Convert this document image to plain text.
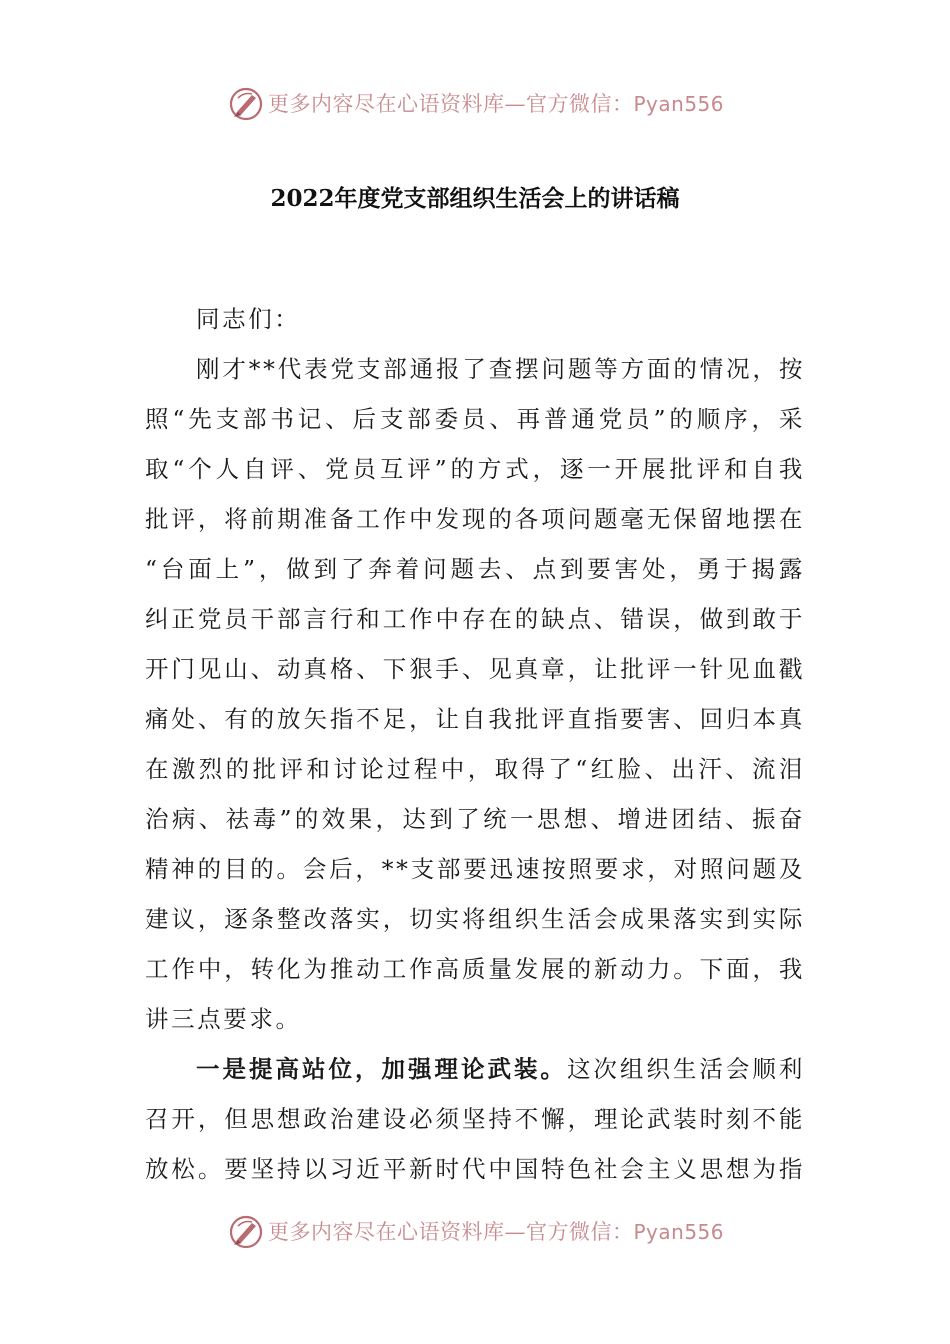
更多内容尽在心语资料库—官方微信：Pyan556
2022年度党支部组织生活会上的讲话稿
同志们：
刚才**代表党支部通报了查摆问题等方面的情况，按
照“先支部书记、后支部委员、再普通党员”的顺序，采
取“个人自评、党员互评”的方式，逐一开展批评和自我
批评，将前期准备工作中发现的各项问题毫无保留地摆在
“台面上”，做到了奔着问题去、点到要害处，勇于揭露
纠正党员干部言行和工作中存在的缺点、错误，做到敢于
开门见山、动真格、下狠手、见真章，让批评一针见血戳
痛处、有的放矢指不足，让自我批评直指要害、回归本真
在激烈的批评和讨论过程中，取得了“红脸、出汗、流泪
治病、祛毒”的效果，达到了统一思想、增进团结、振奋
精神的目的。会后，**支部要迅速按照要求，对照问题及
建议，逐条整改落实，切实将组织生活会成果落实到实际
工作中，转化为推动工作高质量发展的新动力。下面，我
讲三点要求。
一是提高站位，加强理论武装。这次组织生活会顺利
召开，但思想政治建设必须坚持不懈，理论武装时刻不能
放松。要坚持以习近平新时代中国特色社会主义思想为指
更多内容尽在心语资料库—官方微信：Pyan556
